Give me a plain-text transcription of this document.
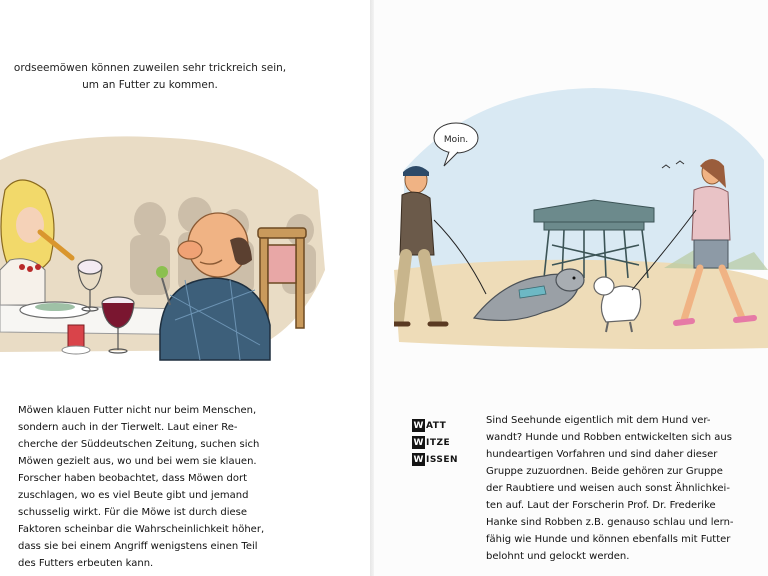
ordseemöwen können zuweilen sehr trickreich sein,
um an Futter zu kommen.
Möwen klauen Futter nicht nur beim Menschen,
sondern auch in der Tierwelt. Laut einer Re-
cherche der Süddeutschen Zeitung, suchen sich
Möwen gezielt aus, wo und bei wem sie klauen.
Forscher haben beobachtet, dass Möwen dort
zuschlagen, wo es viel Beute gibt und jemand
schusselig wirkt. Für die Möwe ist durch diese
Faktoren scheinbar die Wahrscheinlichkeit höher,
dass sie bei einem Angriff wenigstens einen Teil
des Futters erbeuten kann.
Moin.
W ATT
W ITZE
W ISSEN
Sind Seehunde eigentlich mit dem Hund ver-
wandt? Hunde und Robben entwickelten sich aus
hundeartigen Vorfahren und sind daher dieser
Gruppe zuzuordnen. Beide gehören zur Gruppe
der Raubtiere und weisen auch sonst Ähnlichkei-
ten auf. Laut der Forscherin Prof. Dr. Frederike
Hanke sind Robben z.B. genauso schlau und lern-
fähig wie Hunde und können ebenfalls mit Futter
belohnt und gelockt werden.
